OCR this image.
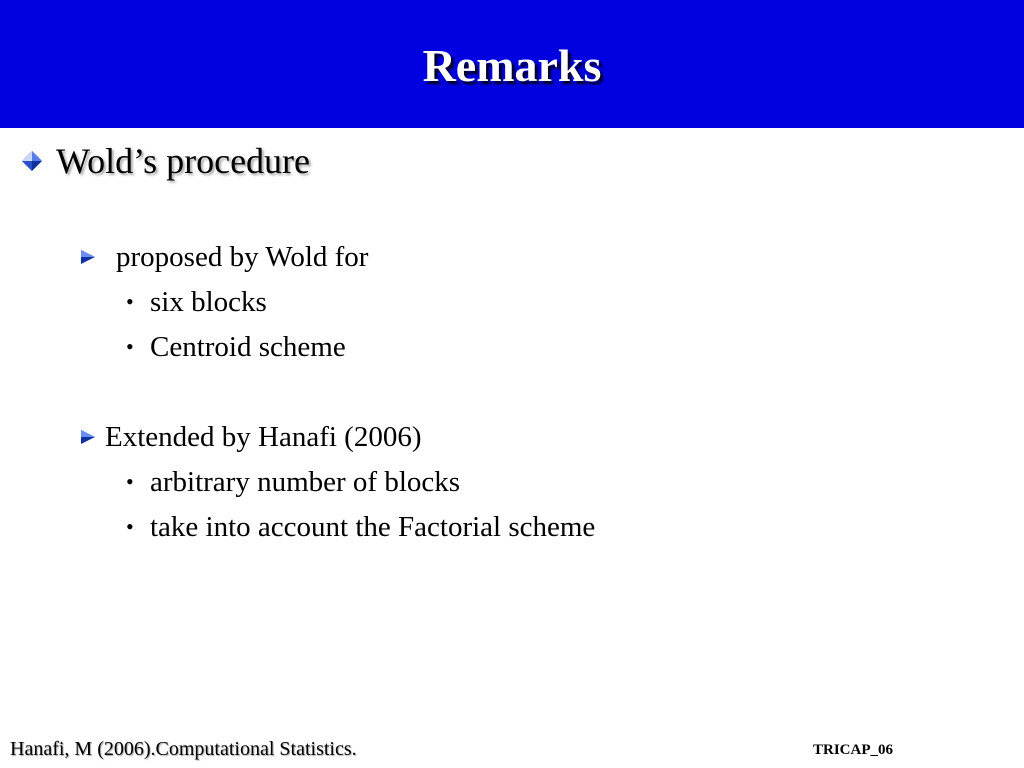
Remarks
Wold’s procedure
proposed by Wold for
• six blocks
• Centroid scheme
Extended by Hanafi (2006)
• arbitrary number of blocks
• take into account the Factorial scheme
Hanafi, M (2006).Computational Statistics.	TRICAP_06
